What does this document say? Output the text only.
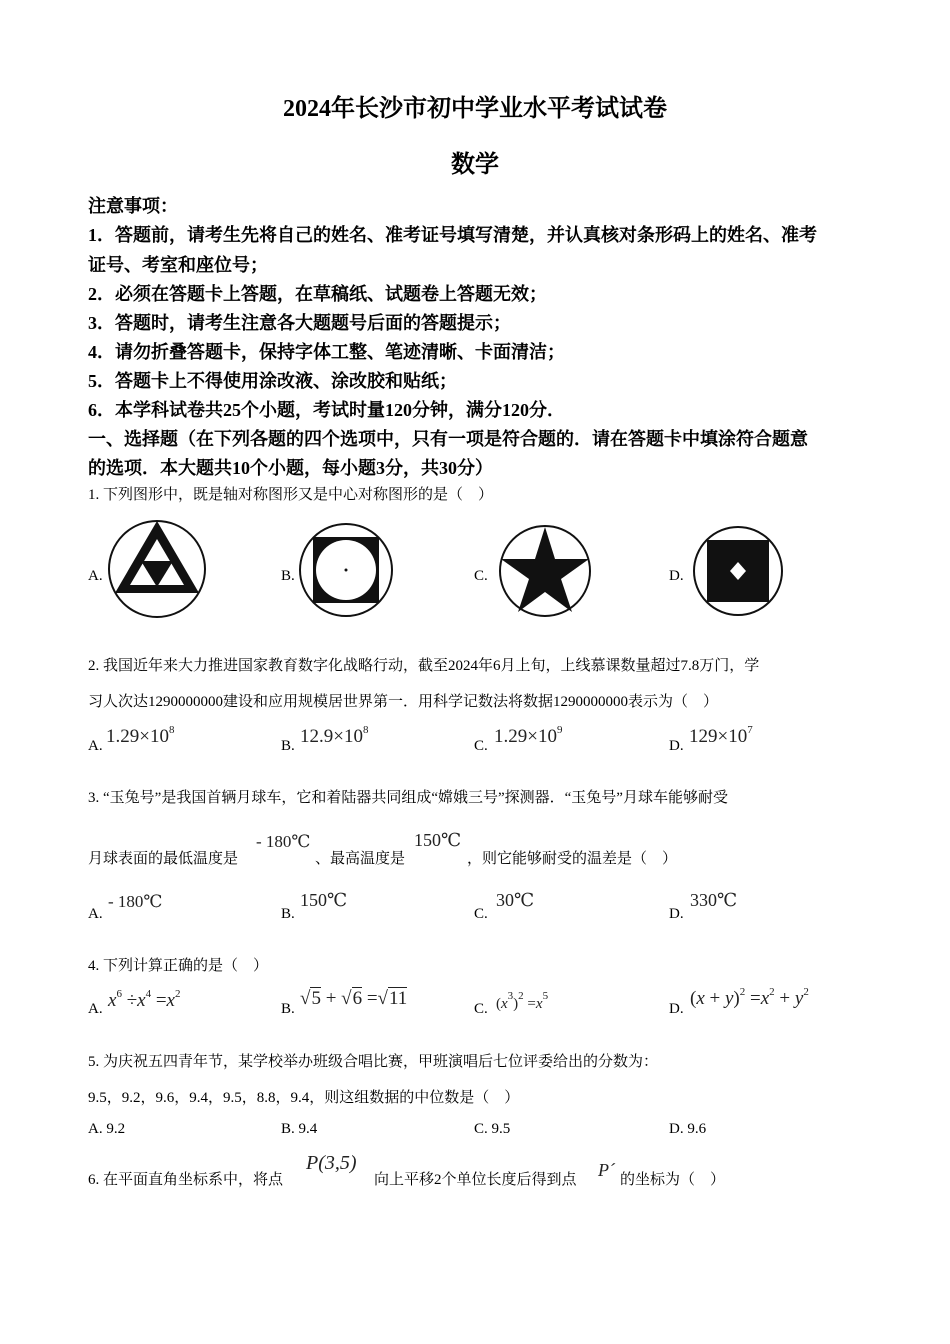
2024年长沙市初中学业水平考试试卷
数学
注意事项：
1．答题前，请考生先将自己的姓名、准考证号填写清楚，并认真核对条形码上的姓名、准考
证号、考室和座位号；
2．必须在答题卡上答题，在草稿纸、试题卷上答题无效；
3．答题时，请考生注意各大题题号后面的答题提示；
4．请勿折叠答题卡，保持字体工整、笔迹清晰、卡面清洁；
5．答题卡上不得使用涂改液、涂改胶和贴纸；
6．本学科试卷共25个小题，考试时量120分钟，满分120分．
一、选择题（在下列各题的四个选项中，只有一项是符合题的．请在答题卡中填涂符合题意
的选项．本大题共10个小题，每小题3分，共30分）
1. 下列图形中，既是轴对称图形又是中心对称图形的是（　）
A.	B.	C.	D.
2. 我国近年来大力推进国家教育数字化战略行动，截至2024年6月上旬，上线慕课数量超过7.8万门，学
习人次达1290000000建设和应用规模居世界第一．用科学记数法将数据1290000000表示为（　）
A. $1.29\times 10^8$
B. $12.9\times 10^8$
C. $1.29\times 10^9$
D. $129\times 10^7$
3. “玉兔号”是我国首辆月球车，它和着陆器共同组成“嫦娥三号”探测器．“玉兔号”月球车能够耐受
月球表面的最低温度是
- 180℃
、最高温度是
150℃
，则它能够耐受的温差是（　）
A.
- 180℃
B.
150℃
C.
30℃
D.
330℃
4. 下列计算正确的是（　）
A. $x^6 \div x^4 =x^2$
B. √5 + √6 =√11	C. $(x^3)^2 =x^5$
D. $(x + y)^2 =x^2 + y^2$
5. 为庆祝五四青年节，某学校举办班级合唱比赛，甲班演唱后七位评委给出的分数为：
9.5，9.2，9.6，9.4，9.5，8.8，9.4，则这组数据的中位数是（　）
A. 9.2	B. 9.4	C. 9.5	D. 9.6
6. 在平面直角坐标系中，将点
P(3,5)
向上平移2个单位长度后得到点 P´ 的坐标为（　）
